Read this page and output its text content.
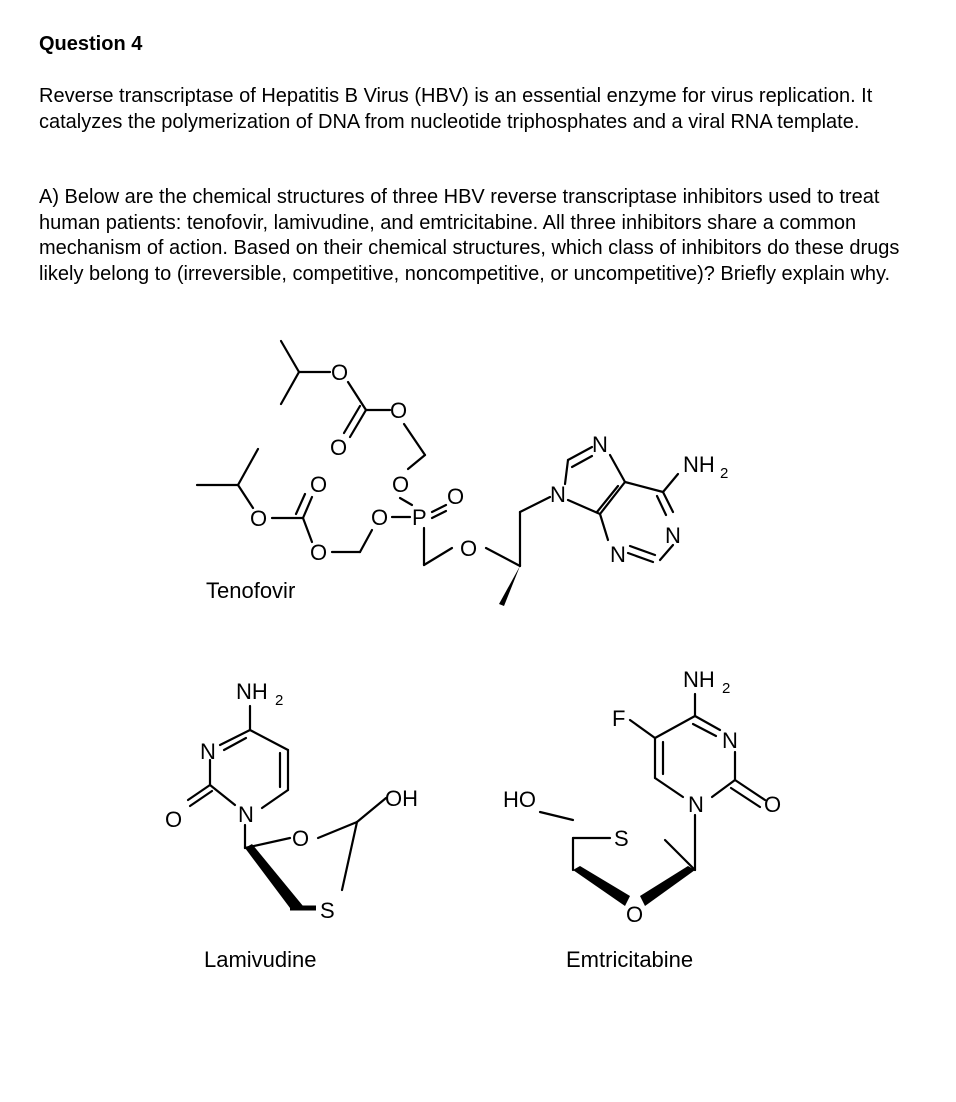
Question 4
Reverse transcriptase of Hepatitis B Virus (HBV) is an essential enzyme for virus replication. It catalyzes the polymerization of DNA from nucleotide triphosphates and a viral RNA template.
A) Below are the chemical structures of three HBV reverse transcriptase inhibitors used to treat human patients: tenofovir, lamivudine, and emtricitabine. All three inhibitors share a common mechanism of action. Based on their chemical structures, which class of inhibitors do these drugs likely belong to (irreversible, competitive, noncompetitive, or uncompetitive)? Briefly explain why.
O
O
O
O	O
O
O
O P
O
O
N
N
N
N
NH 2
Tenofovir
NH 2
N
N
O
O
S
OH
Lamivudine
NH 2
F
N
N	O
S
O
HO
Emtricitabine
